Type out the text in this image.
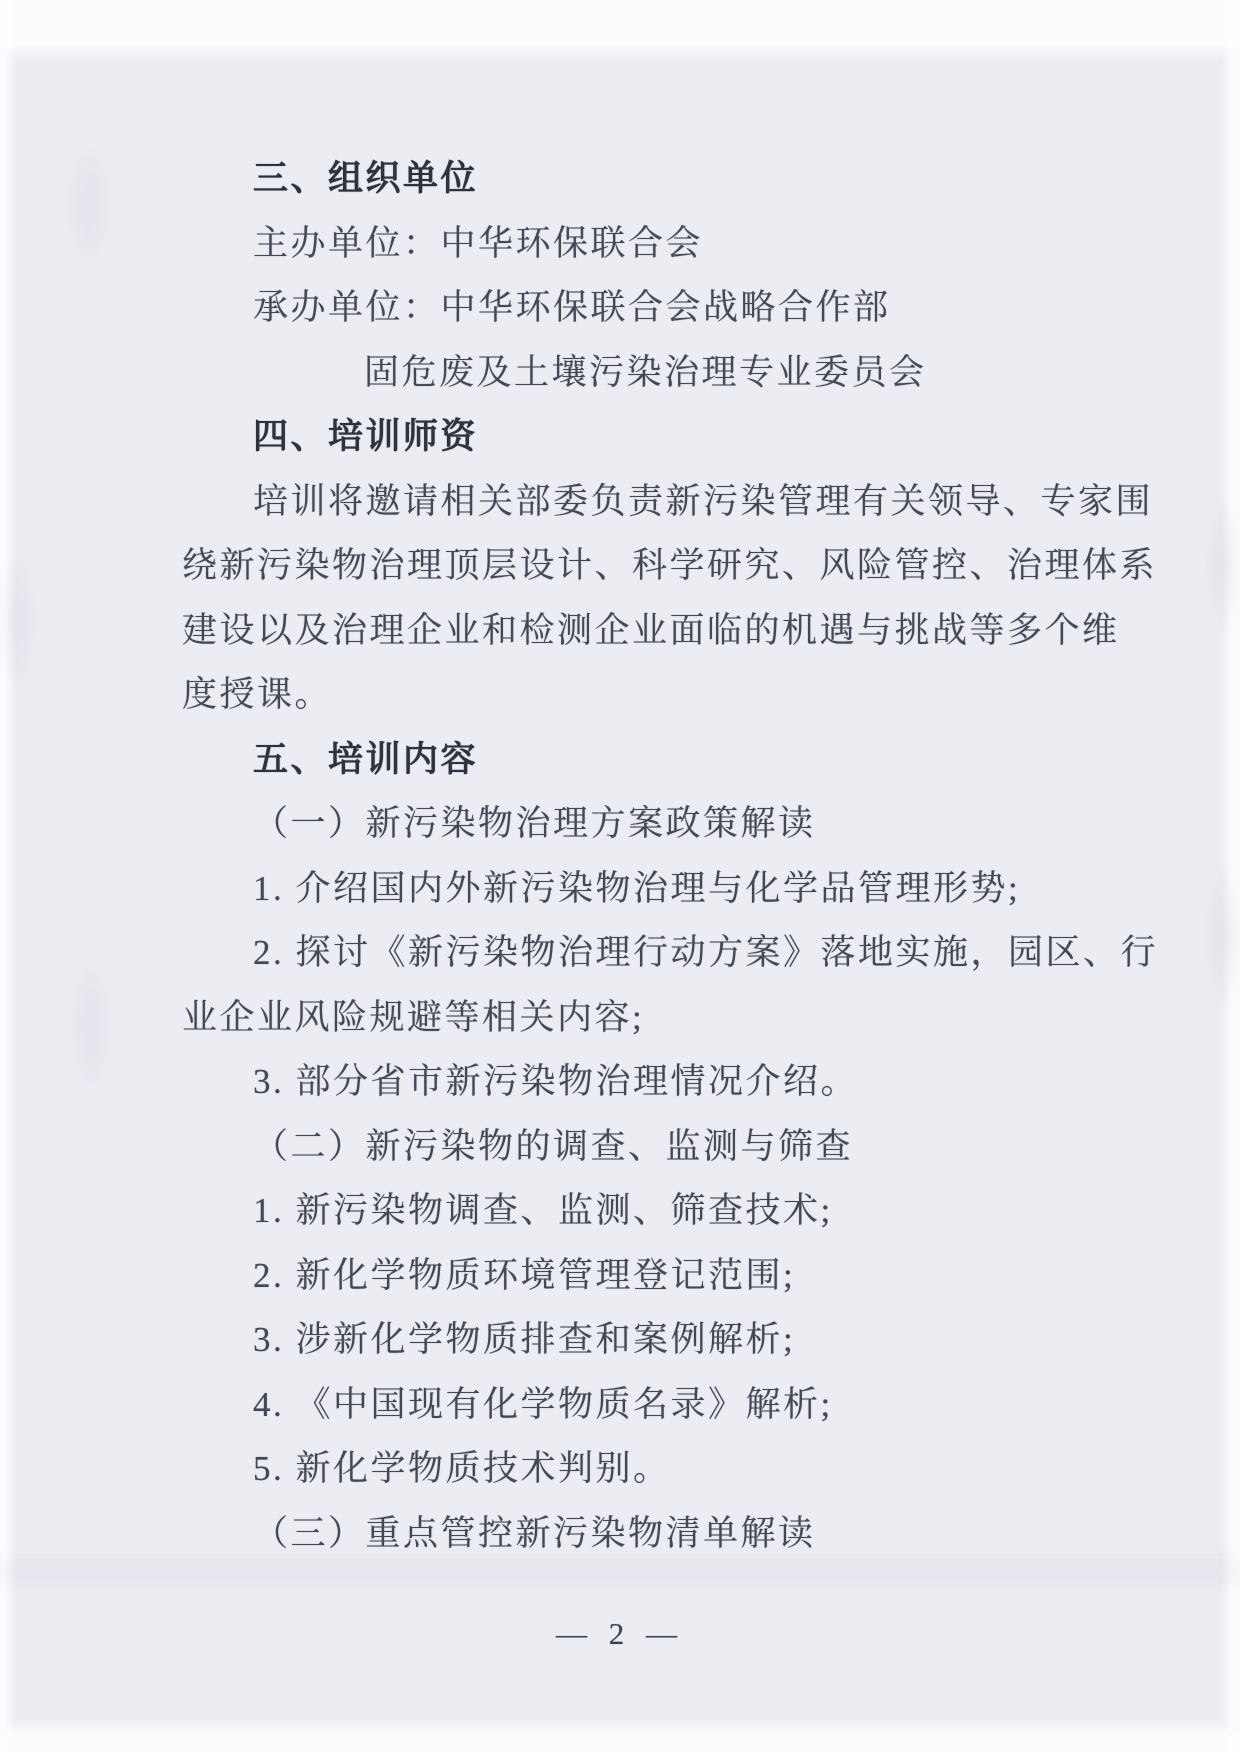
三、组织单位
主办单位：中华环保联合会
承办单位：中华环保联合会战略合作部
固危废及土壤污染治理专业委员会
四、培训师资
培训将邀请相关部委负责新污染管理有关领导、专家围
绕新污染物治理顶层设计、科学研究、风险管控、治理体系
建设以及治理企业和检测企业面临的机遇与挑战等多个维
度授课。
五、培训内容
（一）新污染物治理方案政策解读
1. 介绍国内外新污染物治理与化学品管理形势;
2. 探讨《新污染物治理行动方案》落地实施，园区、行
业企业风险规避等相关内容;
3. 部分省市新污染物治理情况介绍。
（二）新污染物的调查、监测与筛查
1. 新污染物调查、监测、筛查技术;
2. 新化学物质环境管理登记范围;
3. 涉新化学物质排查和案例解析;
4. 《中国现有化学物质名录》解析;
5. 新化学物质技术判别。
（三）重点管控新污染物清单解读
— 2 —
